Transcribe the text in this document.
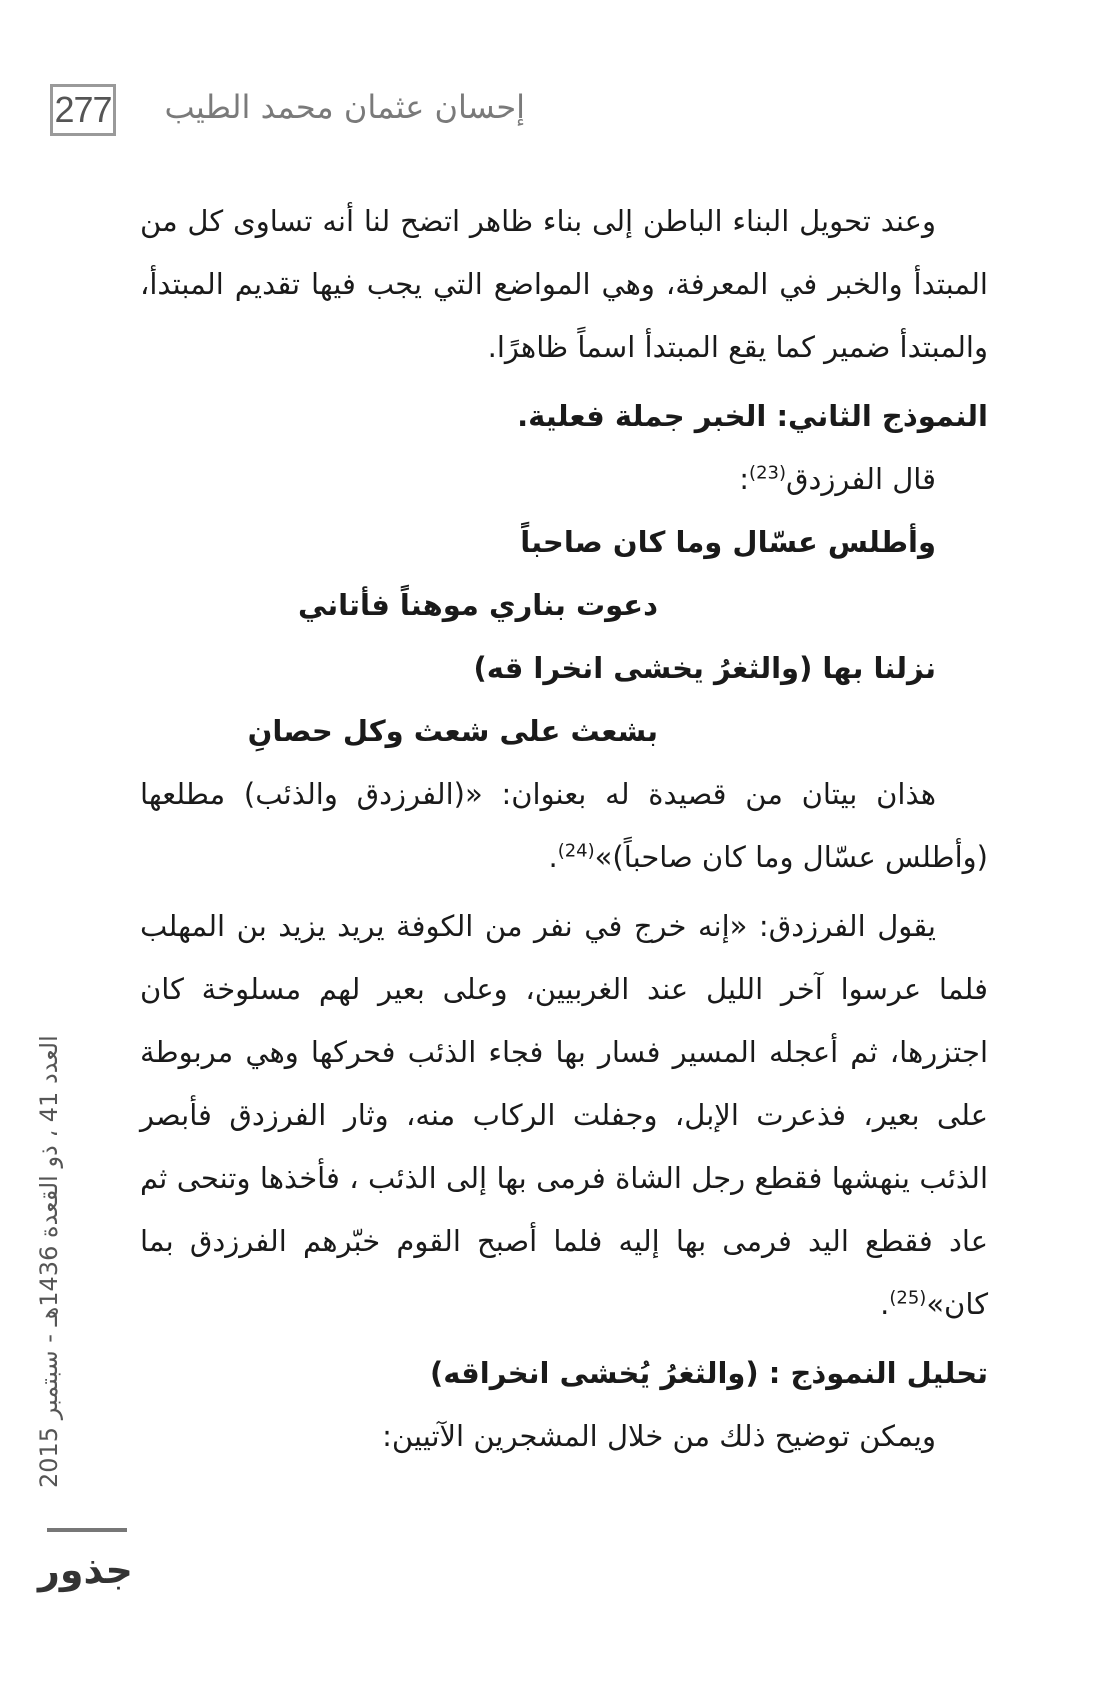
277	إحسان عثمان محمد الطيب

وعند تحويل البناء الباطن إلى بناء ظاهر اتضح لنا أنه تساوى كل من المبتدأ والخبر في المعرفة، وهي المواضع التي يجب فيها تقديم المبتدأ، والمبتدأ ضمير كما يقع المبتدأ اسماً ظاهرًا.

النموذج الثاني: الخبر جملة فعلية.

قال الفرزدق$^{(23)}$:

وأطلس عسّال وما كان صاحباً

دعوت بناري موهناً فأتاني

نزلنا بها (والثغرُ يخشى انخرا قه)

بشعث على شعث وكل حصانِ

هذان بيتان من قصيدة له بعنوان: «(الفرزدق والذئب) مطلعها (وأطلس عسّال وما كان صاحباً)»$^{(24)}$.

يقول الفرزدق: «إنه خرج في نفر من الكوفة يريد يزيد بن المهلب فلما عرسوا آخر الليل عند الغربيين، وعلى بعير لهم مسلوخة كان اجتزرها، ثم أعجله المسير فسار بها فجاء الذئب فحركها وهي مربوطة على بعير، فذعرت الإبل، وجفلت الركاب منه، وثار الفرزدق فأبصر الذئب ينهشها فقطع رجل الشاة فرمى بها إلى الذئب ، فأخذها وتنحى ثم عاد فقطع اليد فرمى بها إليه فلما أصبح القوم خبّرهم الفرزدق بما كان»$^{(25)}$.

تحليل النموذج : (والثغرُ يُخشى انخراقه)

ويمكن توضيح ذلك من خلال المشجرين الآتيين:

العدد 41 ، ذو القعدة 1436هـ - سبتمبر 2015
جذور
